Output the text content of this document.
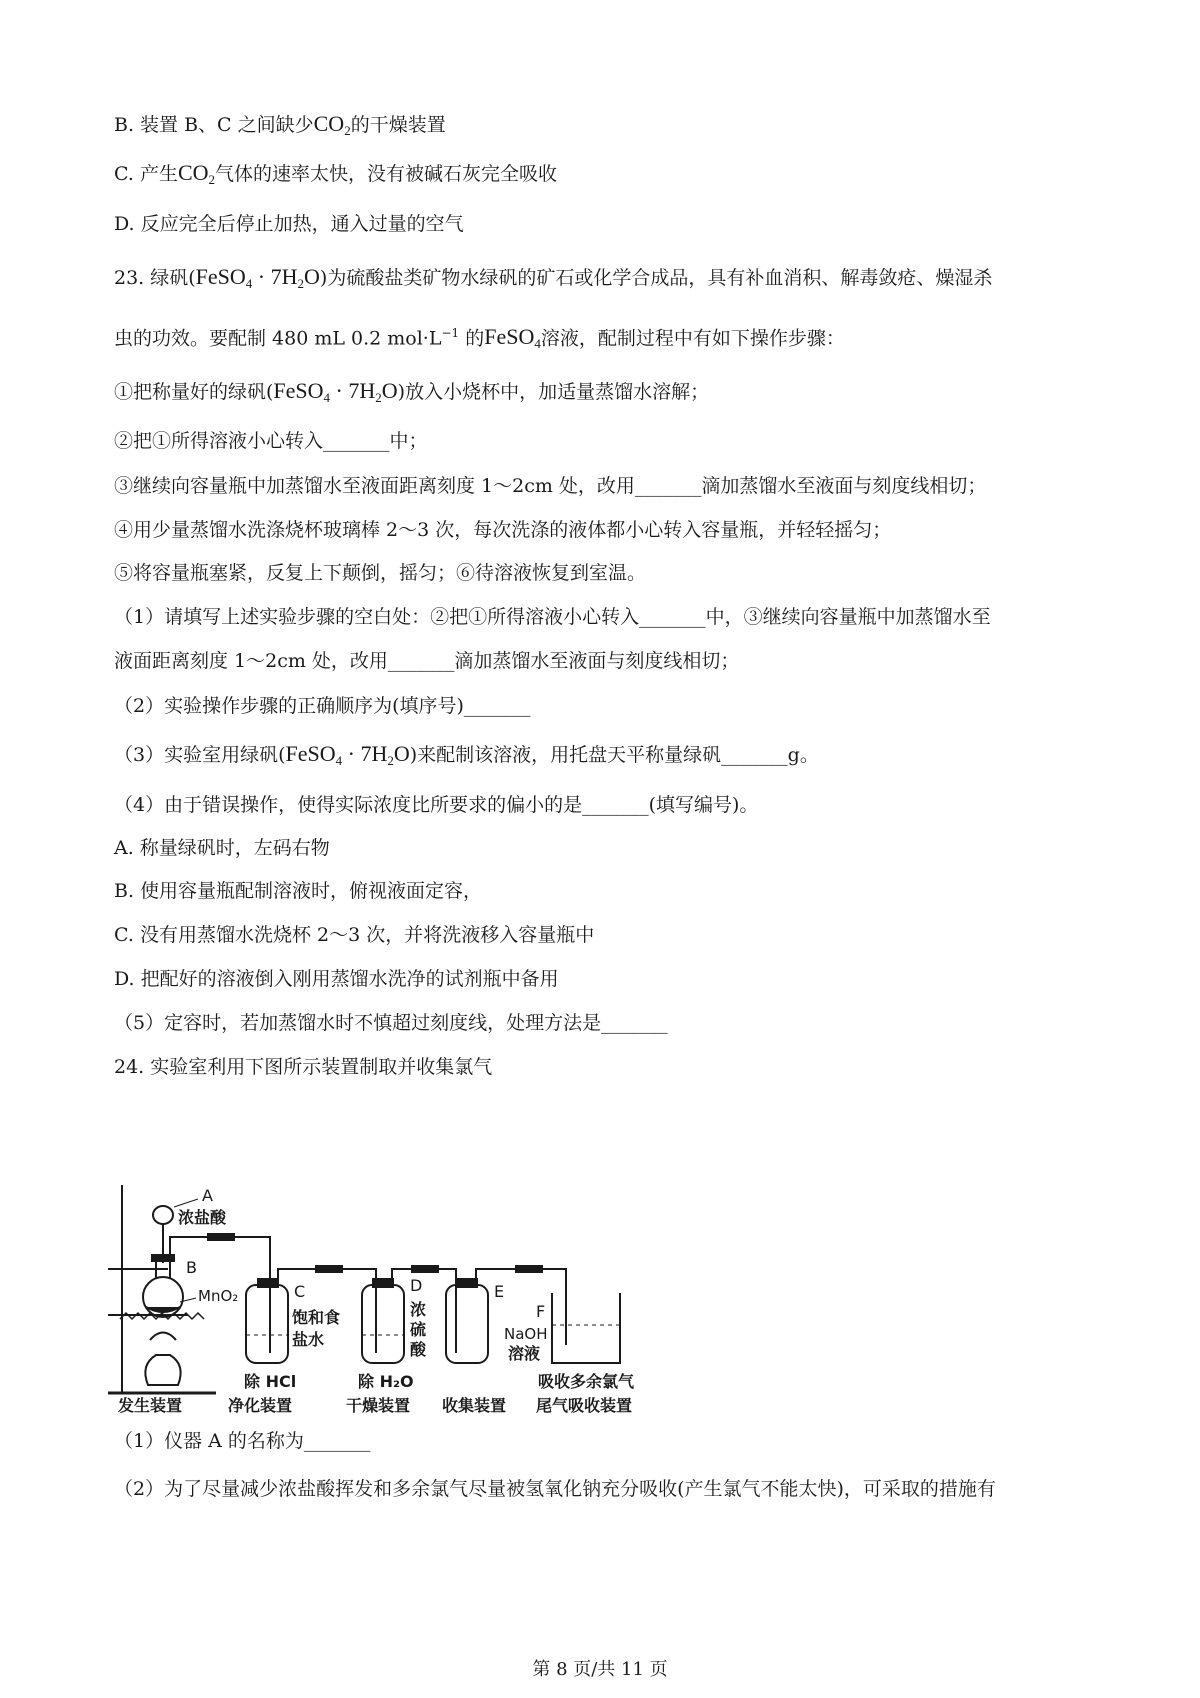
B. 装置 B、C 之间缺少$CO_2$的干燥装置
C. 产生$CO_2$气体的速率太快，没有被碱石灰完全吸收
D. 反应完全后停止加热，通入过量的空气
23. 绿矾(FeSO$_4$ · $7H_2O$)为硫酸盐类矿物水绿矾的矿石或化学合成品，具有补血消积、解毒敛疮、燥湿杀
虫的功效。要配制 480 mL 0.2 $mol\cdot L^{-1}$ 的FeSO$_4$溶液，配制过程中有如下操作步骤：
①把称量好的绿矾(FeSO$_4$ · $7H_2O$)放入小烧杯中，加适量蒸馏水溶解；
②把①所得溶液小心转入_______中；
③继续向容量瓶中加蒸馏水至液面距离刻度 1～2cm 处，改用_______滴加蒸馏水至液面与刻度线相切；
④用少量蒸馏水洗涤烧杯玻璃棒 2～3 次，每次洗涤的液体都小心转入容量瓶，并轻轻摇匀；
⑤将容量瓶塞紧，反复上下颠倒，摇匀；⑥待溶液恢复到室温。
（1）请填写上述实验步骤的空白处：②把①所得溶液小心转入_______中，③继续向容量瓶中加蒸馏水至
液面距离刻度 1～2cm 处，改用_______滴加蒸馏水至液面与刻度线相切；
（2）实验操作步骤的正确顺序为(填序号)_______
（3）实验室用绿矾(FeSO$_4$ · $7H_2O$)来配制该溶液，用托盘天平称量绿矾_______g。
（4）由于错误操作，使得实际浓度比所要求的偏小的是_______(填写编号)。
A. 称量绿矾时，左码右物
B. 使用容量瓶配制溶液时，俯视液面定容，
C. 没有用蒸馏水洗烧杯 2～3 次，并将洗液移入容量瓶中
D. 把配好的溶液倒入刚用蒸馏水洗净的试剂瓶中备用
（5）定容时，若加蒸馏水时不慎超过刻度线，处理方法是_______
24. 实验室利用下图所示装置制取并收集氯气
A
浓盐酸
B
MnO₂	C	D	E
F
饱和食
盐水
浓
硫
酸
NaOH
溶液
除 HCl	除 H₂O	吸收多余氯气
发生装置	净化装置	干燥装置 收集装置 尾气吸收装置
（1）仪器 A 的名称为_______
（2）为了尽量减少浓盐酸挥发和多余氯气尽量被氢氧化钠充分吸收(产生氯气不能太快)，可采取的措施有
第 8 页/共 11 页
